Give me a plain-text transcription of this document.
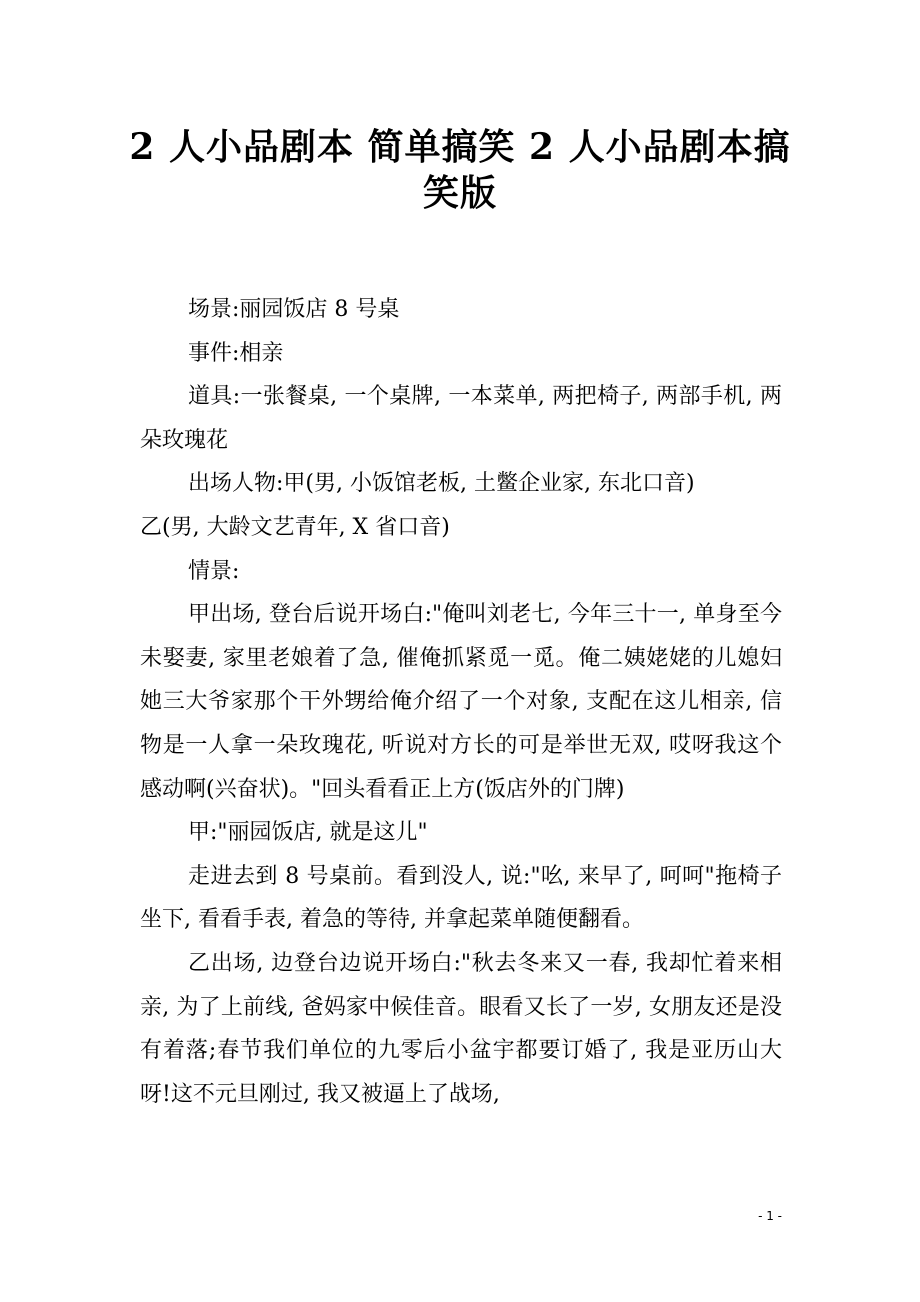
2 人小品剧本 简单搞笑 2 人小品剧本搞笑版

场景:丽园饭店 8 号桌

事件:相亲

道具:一张餐桌, 一个桌牌, 一本菜单, 两把椅子, 两部手机, 两朵玫瑰花

出场人物:甲(男, 小饭馆老板, 土鳖企业家, 东北口音)

乙(男, 大龄文艺青年, X 省口音)

情景:

甲出场, 登台后说开场白:"俺叫刘老七, 今年三十一, 单身至今未娶妻, 家里老娘着了急, 催俺抓紧觅一觅。俺二姨姥姥的儿媳妇她三大爷家那个干外甥给俺介绍了一个对象, 支配在这儿相亲, 信物是一人拿一朵玫瑰花, 听说对方长的可是举世无双, 哎呀我这个感动啊(兴奋状)。"回头看看正上方(饭店外的门牌)

甲:"丽园饭店, 就是这儿"

走进去到 8 号桌前。看到没人, 说:"吆, 来早了, 呵呵"拖椅子坐下, 看看手表, 着急的等待, 并拿起菜单随便翻看。

乙出场, 边登台边说开场白:"秋去冬来又一春, 我却忙着来相亲, 为了上前线, 爸妈家中候佳音。眼看又长了一岁, 女朋友还是没有着落;春节我们单位的九零后小盆宇都要订婚了, 我是亚历山大呀!这不元旦刚过, 我又被逼上了战场,

- 1 -
